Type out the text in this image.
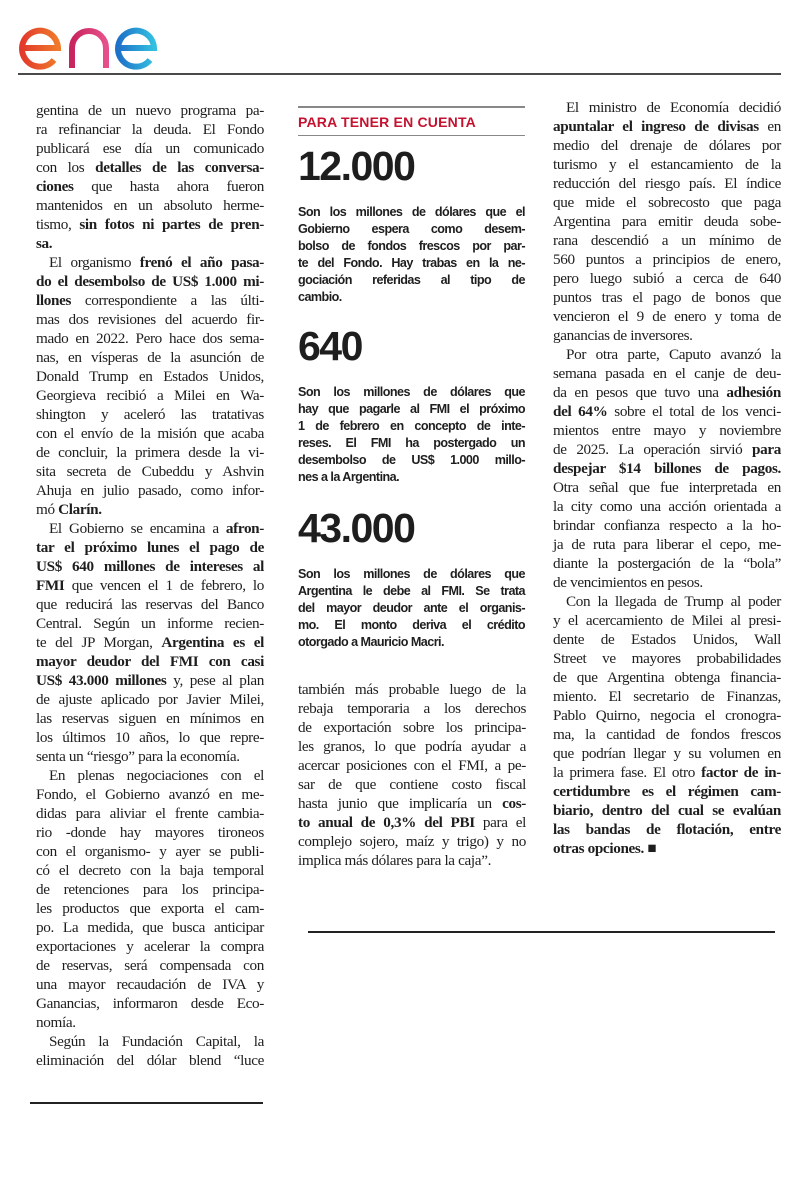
gentina de un nuevo programa pa-
ra refinanciar la deuda. El Fondo
publicará ese día un comunicado
con los detalles de las conversa-
ciones que hasta ahora fueron
mantenidos en un absoluto herme-
tismo, sin fotos ni partes de pren-
sa.
El organismo frenó el año pasa-
do el desembolso de US$ 1.000 mi-
llones correspondiente a las últi-
mas dos revisiones del acuerdo fir-
mado en 2022. Pero hace dos sema-
nas, en vísperas de la asunción de
Donald Trump en Estados Unidos,
Georgieva recibió a Milei en Wa-
shington y aceleró las tratativas
con el envío de la misión que acaba
de concluir, la primera desde la vi-
sita secreta de Cubeddu y Ashvin
Ahuja en julio pasado, como infor-
mó Clarín.
El Gobierno se encamina a afron-
tar el próximo lunes el pago de
US$ 640 millones de intereses al
FMI que vencen el 1 de febrero, lo
que reducirá las reservas del Banco
Central. Según un informe recien-
te del JP Morgan, Argentina es el
mayor deudor del FMI con casi
US$ 43.000 millones y, pese al plan
de ajuste aplicado por Javier Milei,
las reservas siguen en mínimos en
los últimos 10 años, lo que repre-
senta un “riesgo” para la economía.
En plenas negociaciones con el
Fondo, el Gobierno avanzó en me-
didas para aliviar el frente cambia-
rio -donde hay mayores tironeos
con el organismo- y ayer se publi-
có el decreto con la baja temporal
de retenciones para los principa-
les productos que exporta el cam-
po. La medida, que busca anticipar
exportaciones y acelerar la compra
de reservas, será compensada con
una mayor recaudación de IVA y
Ganancias, informaron desde Eco-
nomía.
Según la Fundación Capital, la
eliminación del dólar blend “luce
PARA TENER EN CUENTA
12.000
Son los millones de dólares que el
Gobierno espera como desem-
bolso de fondos frescos por par-
te del Fondo. Hay trabas en la ne-
gociación referidas al tipo de
cambio.
640
Son los millones de dólares que
hay que pagarle al FMI el próximo
1 de febrero en concepto de inte-
reses. El FMI ha postergado un
desembolso de US$ 1.000 millo-
nes a la Argentina.
43.000
Son los millones de dólares que
Argentina le debe al FMI. Se trata
del mayor deudor ante el organis-
mo. El monto deriva el crédito
otorgado a Mauricio Macri.
también más probable luego de la
rebaja temporaria a los derechos
de exportación sobre los principa-
les granos, lo que podría ayudar a
acercar posiciones con el FMI, a pe-
sar de que contiene costo fiscal
hasta junio que implicaría un cos-
to anual de 0,3% del PBI para el
complejo sojero, maíz y trigo) y no
implica más dólares para la caja”.
El ministro de Economía decidió
apuntalar el ingreso de divisas en
medio del drenaje de dólares por
turismo y el estancamiento de la
reducción del riesgo país. El índice
que mide el sobrecosto que paga
Argentina para emitir deuda sobe-
rana descendió a un mínimo de
560 puntos a principios de enero,
pero luego subió a cerca de 640
puntos tras el pago de bonos que
vencieron el 9 de enero y toma de
ganancias de inversores.
Por otra parte, Caputo avanzó la
semana pasada en el canje de deu-
da en pesos que tuvo una adhesión
del 64% sobre el total de los venci-
mientos entre mayo y noviembre
de 2025. La operación sirvió para
despejar $14 billones de pagos.
Otra señal que fue interpretada en
la city como una acción orientada a
brindar confianza respecto a la ho-
ja de ruta para liberar el cepo, me-
diante la postergación de la “bola”
de vencimientos en pesos.
Con la llegada de Trump al poder
y el acercamiento de Milei al presi-
dente de Estados Unidos, Wall
Street ve mayores probabilidades
de que Argentina obtenga financia-
miento. El secretario de Finanzas,
Pablo Quirno, negocia el cronogra-
ma, la cantidad de fondos frescos
que podrían llegar y su volumen en
la primera fase. El otro factor de in-
certidumbre es el régimen cam-
biario, dentro del cual se evalúan
las bandas de flotación, entre
otras opciones. ■
